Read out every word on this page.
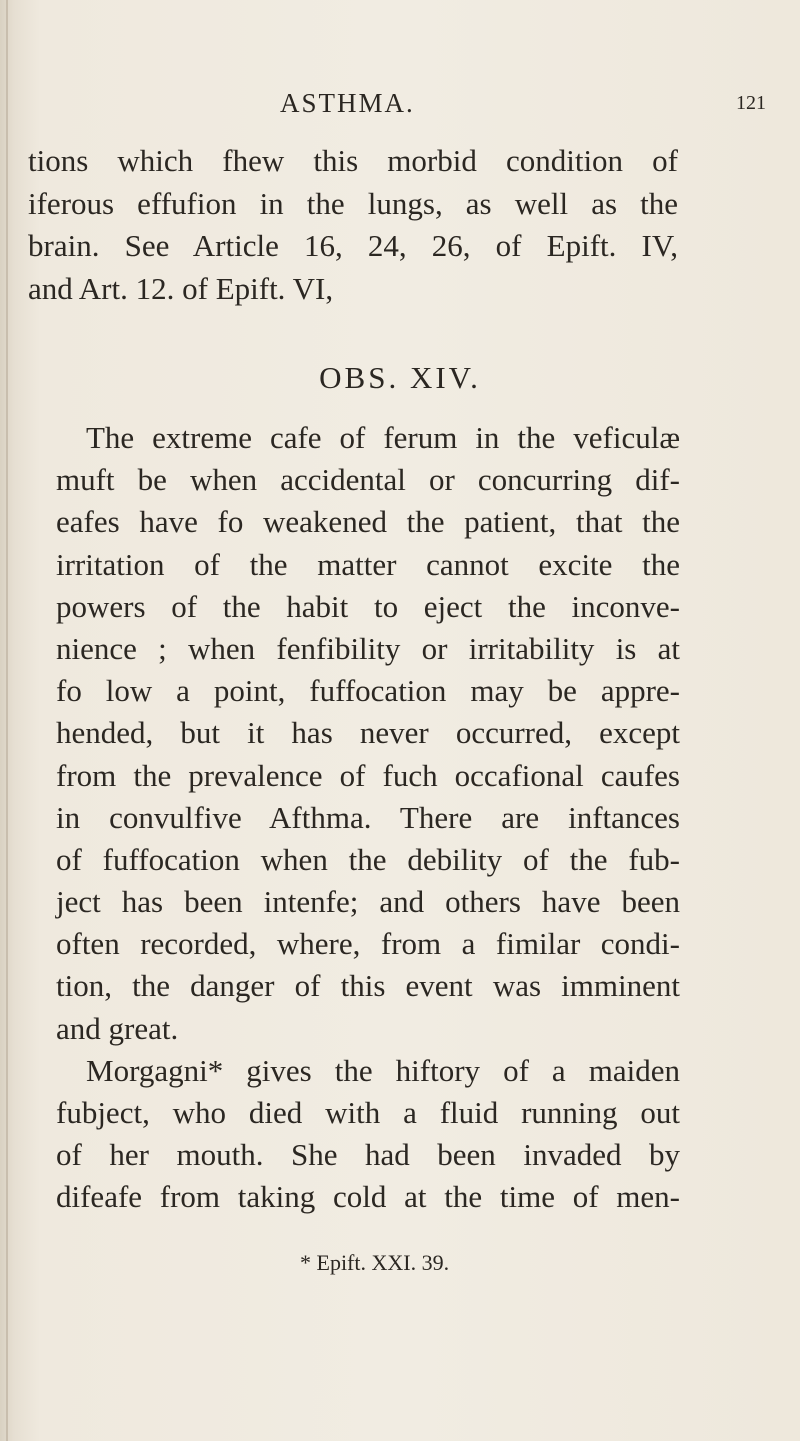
ASTHMA.	121
tions which fhew this morbid condition of
iferous effufion in the lungs, as well as the
brain. See Article 16, 24, 26, of Epift. IV,
and Art. 12. of Epift. VI,
OBS. XIV.
The extreme cafe of ferum in the veficulæ
muft be when accidental or concurring dif-
eafes have fo weakened the patient, that the
irritation of the matter cannot excite the
powers of the habit to eject the inconve-
nience ; when fenfibility or irritability is at
fo low a point, fuffocation may be appre-
hended, but it has never occurred, except
from the prevalence of fuch occafional caufes
in convulfive Afthma. There are inftances
of fuffocation when the debility of the fub-
ject has been intenfe; and others have been
often recorded, where, from a fimilar condi-
tion, the danger of this event was imminent
and great.
Morgagni* gives the hiftory of a maiden
fubject, who died with a fluid running out
of her mouth. She had been invaded by
difeafe from taking cold at the time of men-
* Epift. XXI. 39.
